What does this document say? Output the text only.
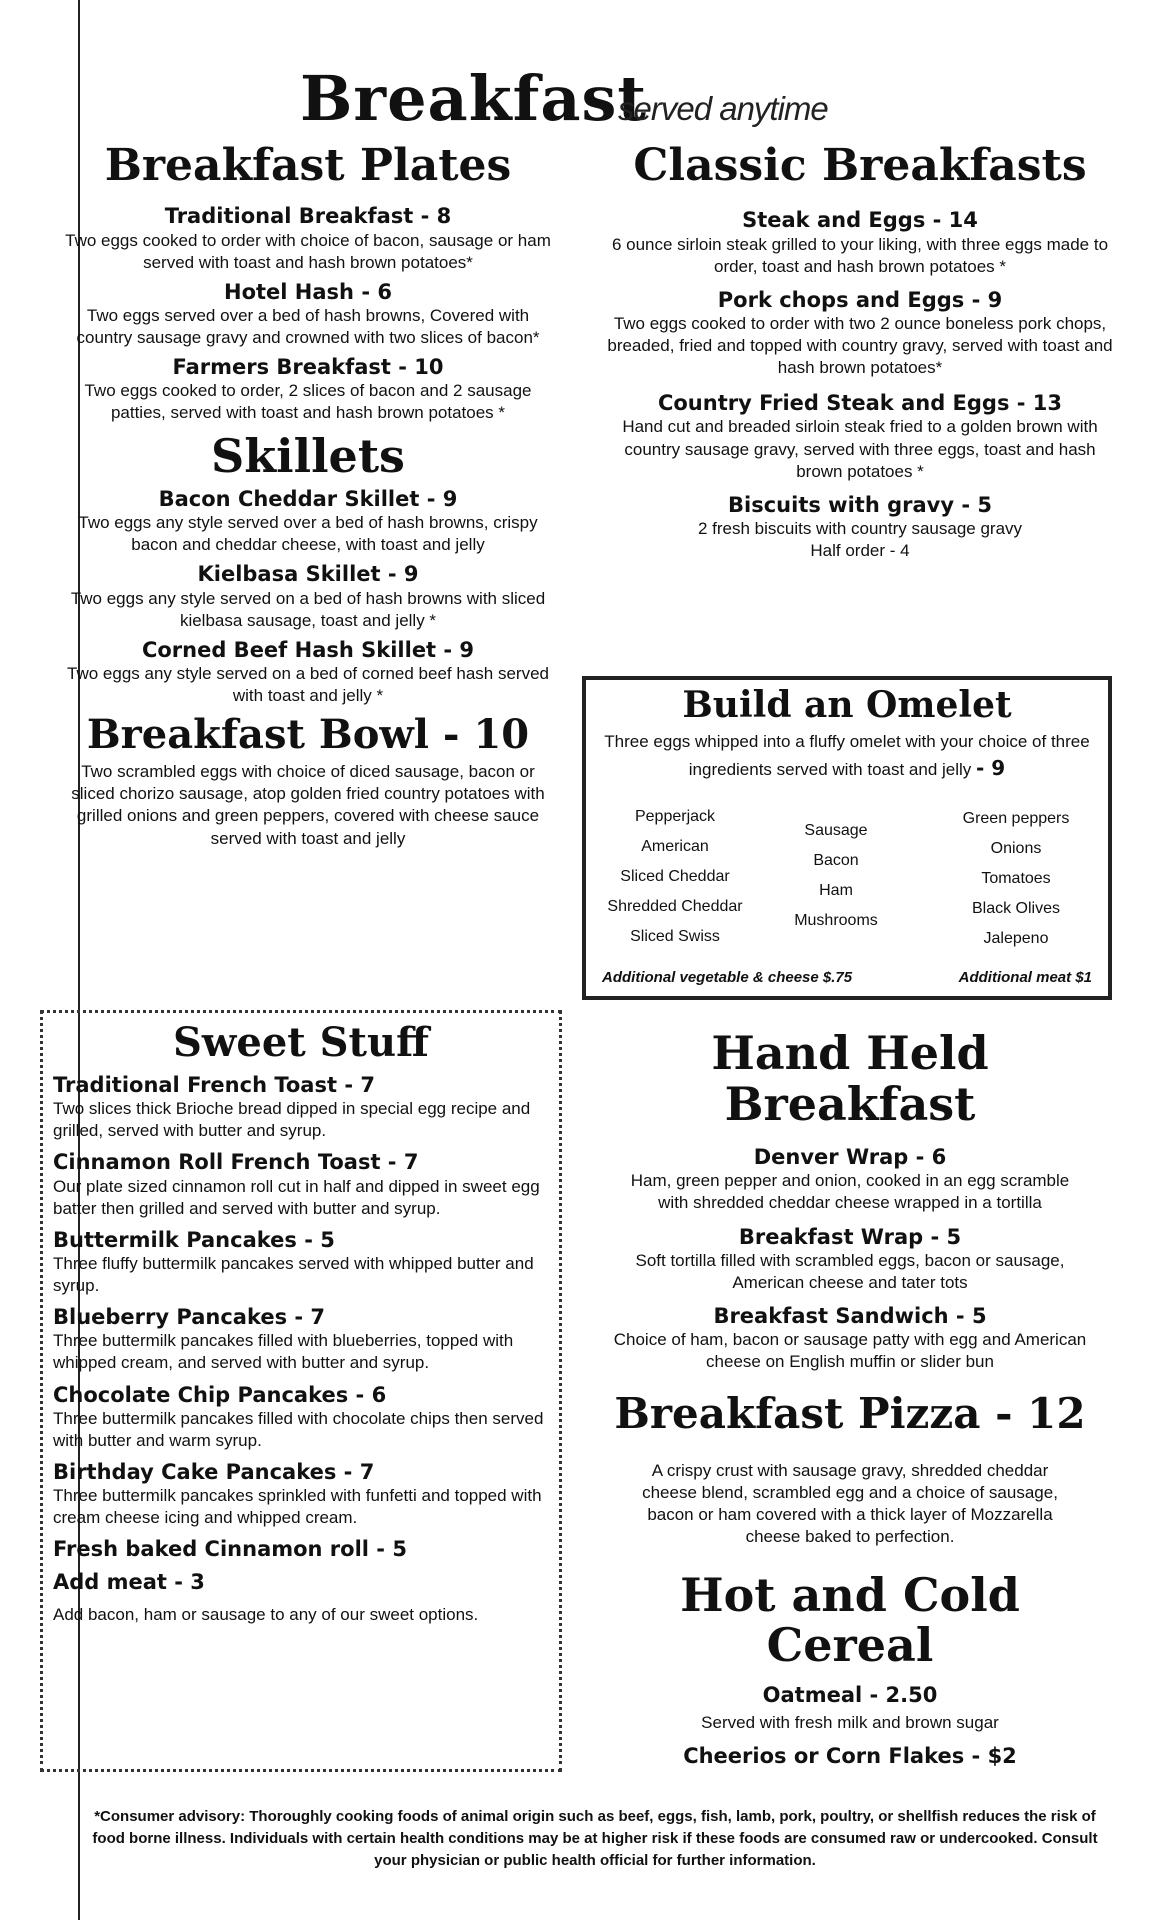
Breakfast
served anytime
Breakfast Plates
Traditional Breakfast - 8
Two eggs cooked to order with choice of bacon, sausage or ham served with toast and hash brown potatoes*
Hotel Hash - 6
Two eggs served over a bed of hash browns, Covered with country sausage gravy and crowned with two slices of bacon*
Farmers Breakfast - 10
Two eggs cooked to order, 2 slices of bacon and 2 sausage patties, served with toast and hash brown potatoes *
Skillets
Bacon Cheddar Skillet - 9
Two eggs any style served over a bed of hash browns, crispy bacon and cheddar cheese, with toast and jelly
Kielbasa Skillet - 9
Two eggs any style served on a bed of hash browns with sliced kielbasa sausage, toast and jelly *
Corned Beef Hash Skillet - 9
Two eggs any style served on a bed of corned beef hash served with toast and jelly *
Breakfast Bowl - 10
Two scrambled eggs with choice of diced sausage, bacon or sliced chorizo sausage, atop golden fried country potatoes with grilled onions and green peppers, covered with cheese sauce served with toast and jelly
Sweet Stuff
Traditional French Toast - 7
Two slices thick Brioche bread dipped in special egg recipe and grilled, served with butter and syrup.
Cinnamon Roll French Toast - 7
Our plate sized cinnamon roll cut in half and dipped in sweet egg batter then grilled and served with butter and syrup.
Buttermilk Pancakes - 5
Three fluffy buttermilk pancakes served with whipped butter and syrup.
Blueberry Pancakes - 7
Three buttermilk pancakes filled with blueberries, topped with whipped cream, and served with butter and syrup.
Chocolate Chip Pancakes - 6
Three buttermilk pancakes filled with chocolate chips then served with butter and warm syrup.
Birthday Cake Pancakes - 7
Three buttermilk pancakes sprinkled with funfetti and topped with cream cheese icing and whipped cream.
Fresh baked Cinnamon roll - 5
Add meat - 3
Add bacon, ham or sausage to any of our sweet options.
Classic Breakfasts
Steak and Eggs - 14
6 ounce sirloin steak grilled to your liking, with three eggs made to order, toast and hash brown potatoes *
Pork chops and Eggs - 9
Two eggs cooked to order with two 2 ounce boneless pork chops, breaded, fried and topped with country gravy, served with toast and hash brown potatoes*
Country Fried Steak and Eggs - 13
Hand cut and breaded sirloin steak fried to a golden brown with country sausage gravy, served with three eggs, toast and hash brown potatoes *
Biscuits with gravy - 5
2 fresh biscuits with country sausage gravy
Half order - 4
Build an Omelet
Three eggs whipped into a fluffy omelet with your choice of three ingredients served with toast and jelly - 9
Pepperjack
American
Sliced Cheddar
Shredded Cheddar
Sliced Swiss
Sausage
Bacon
Ham
Mushrooms
Green peppers
Onions
Tomatoes
Black Olives
Jalepeno
Additional vegetable & cheese $.75	Additional meat $1
Hand Held Breakfast
Denver Wrap - 6
Ham, green pepper and onion, cooked in an egg scramble with shredded cheddar cheese wrapped in a tortilla
Breakfast Wrap - 5
Soft tortilla filled with scrambled eggs, bacon or sausage, American cheese and tater tots
Breakfast Sandwich - 5
Choice of ham, bacon or sausage patty with egg and American cheese on English muffin or slider bun
Breakfast Pizza - 12
A crispy crust with sausage gravy, shredded cheddar cheese blend, scrambled egg and a choice of sausage, bacon or ham covered with a thick layer of Mozzarella cheese baked to perfection.
Hot and Cold Cereal
Oatmeal - 2.50
Served with fresh milk and brown sugar
Cheerios or Corn Flakes - $2
*Consumer advisory: Thoroughly cooking foods of animal origin such as beef, eggs, fish, lamb, pork, poultry, or shellfish reduces the risk of food borne illness. Individuals with certain health conditions may be at higher risk if these foods are consumed raw or undercooked. Consult your physician or public health official for further information.
